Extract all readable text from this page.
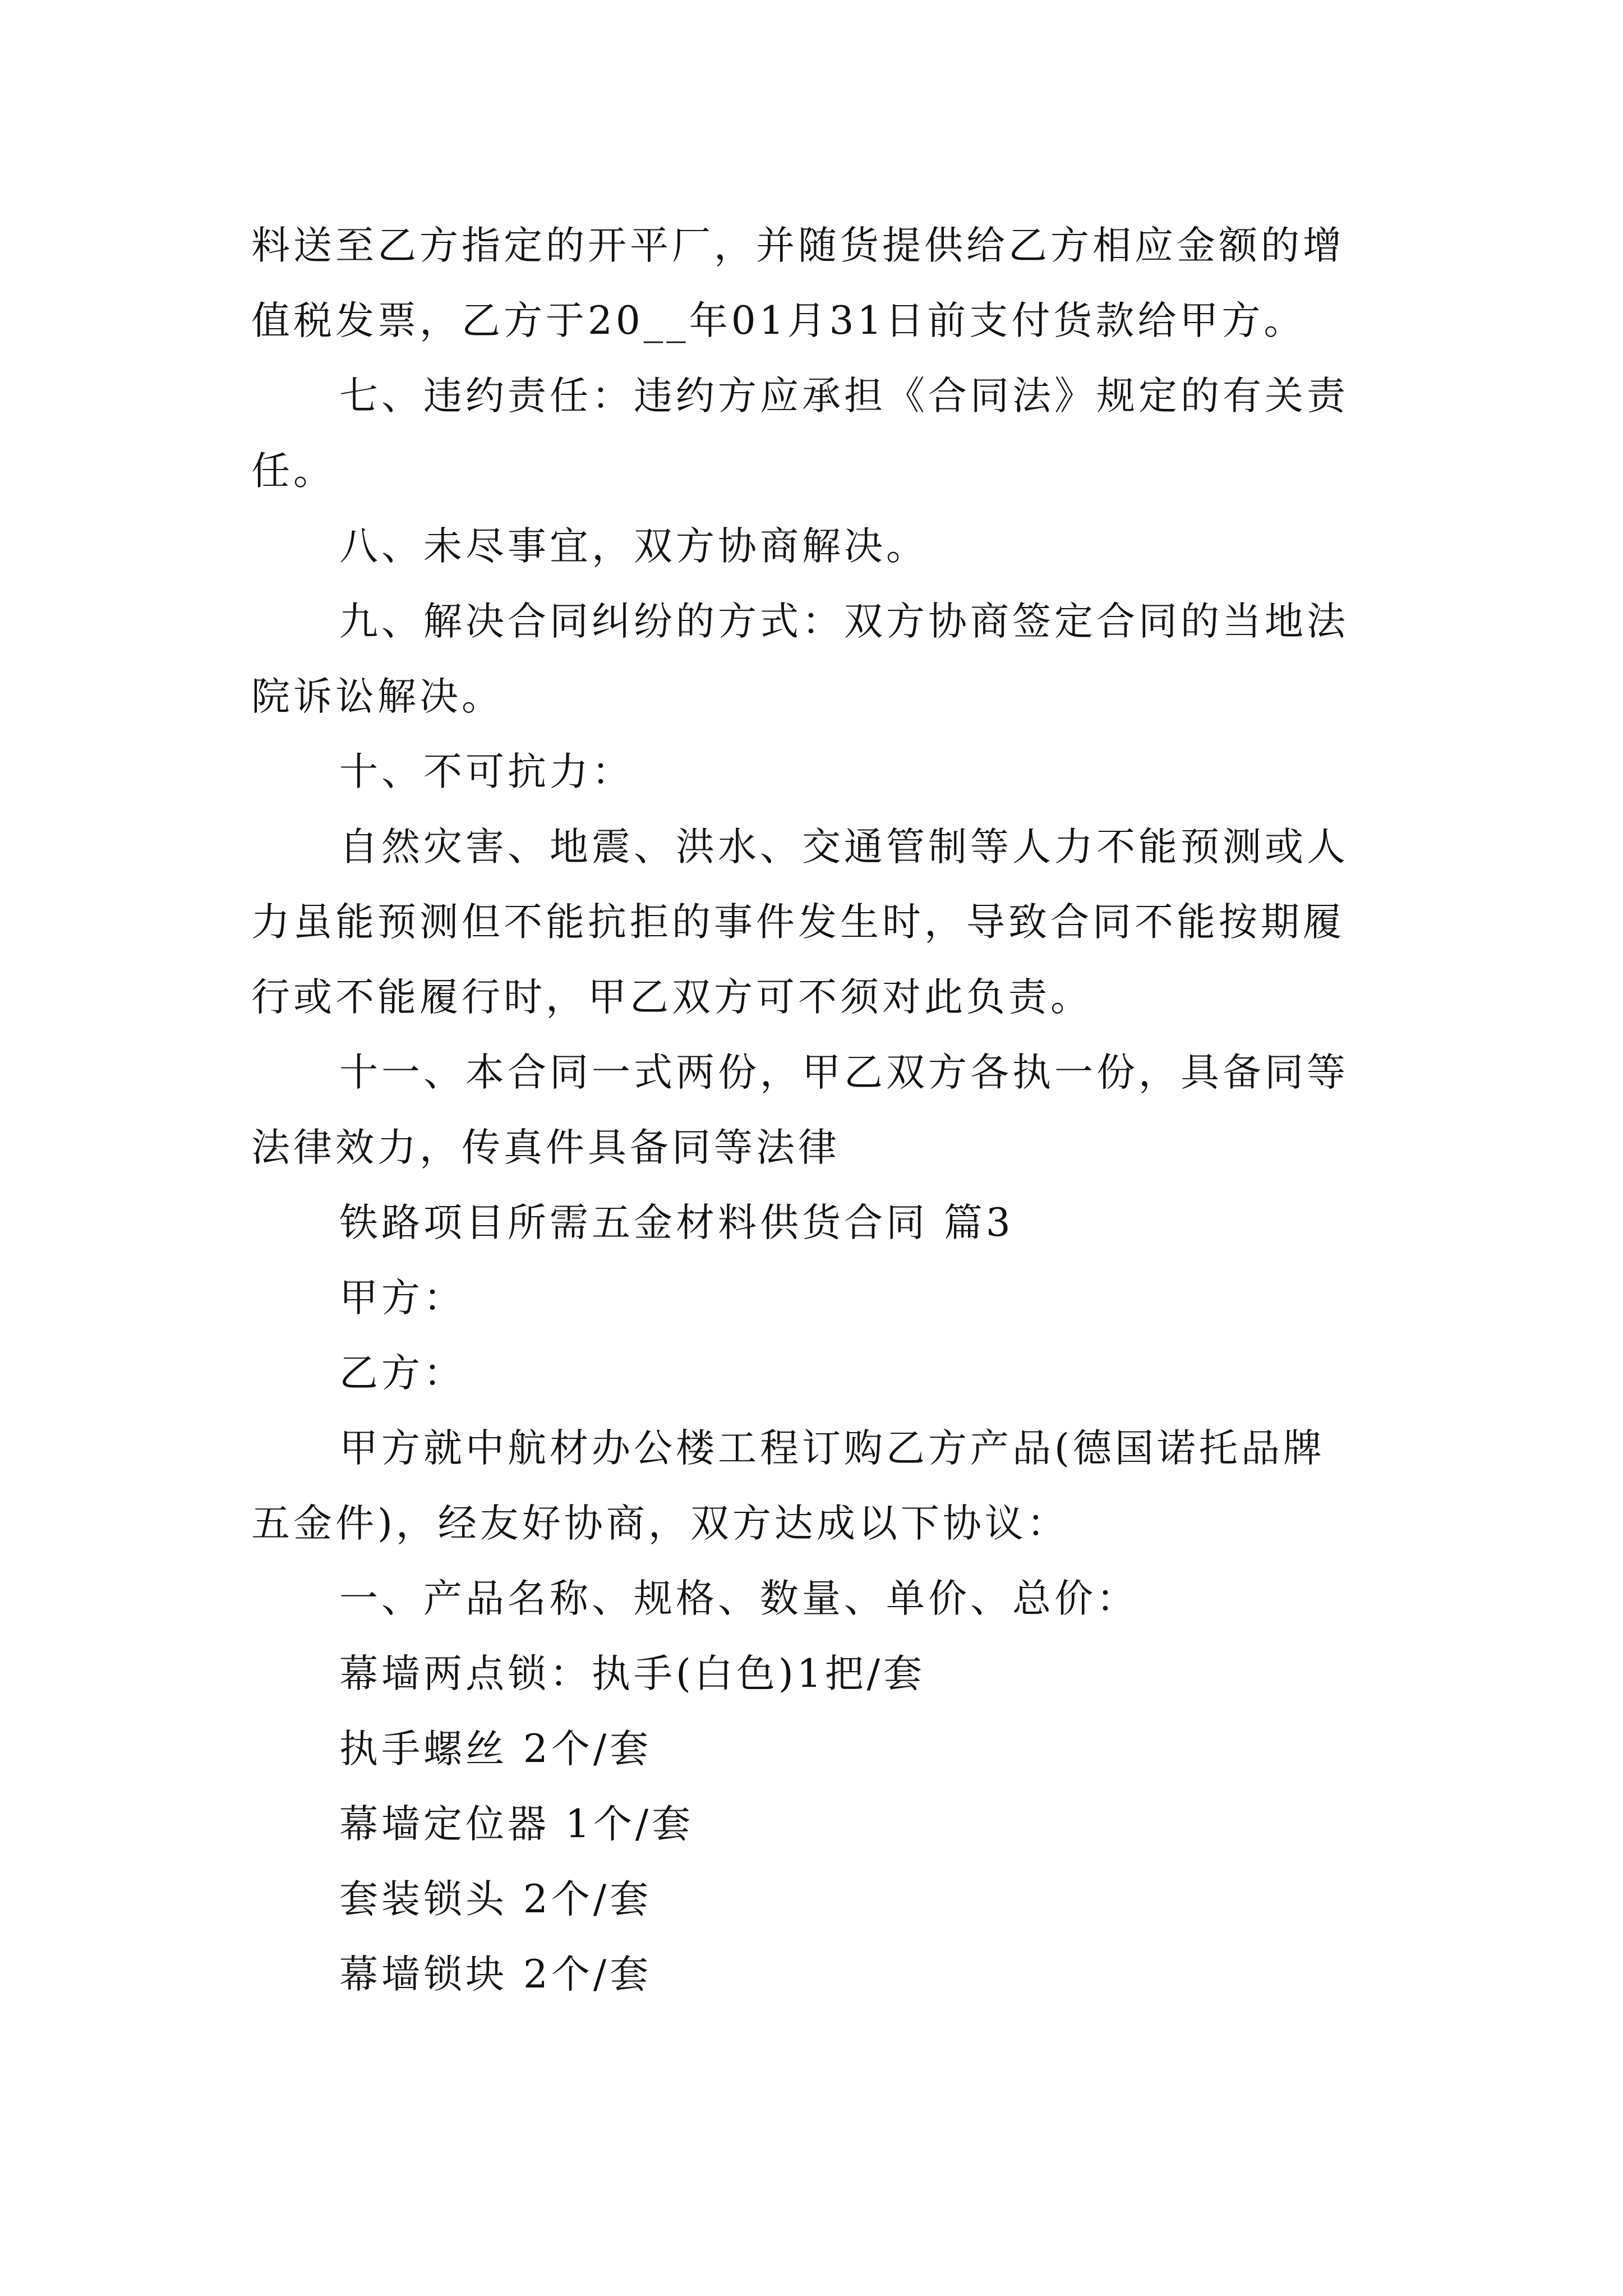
料送至乙方指定的开平厂，并随货提供给乙方相应金额的增
值税发票，乙方于20__年01月31日前支付货款给甲方。
七、违约责任：违约方应承担《合同法》规定的有关责
任。
八、未尽事宜，双方协商解决。
九、解决合同纠纷的方式：双方协商签定合同的当地法
院诉讼解决。
十、不可抗力：
自然灾害、地震、洪水、交通管制等人力不能预测或人
力虽能预测但不能抗拒的事件发生时，导致合同不能按期履
行或不能履行时，甲乙双方可不须对此负责。
十一、本合同一式两份，甲乙双方各执一份，具备同等
法律效力，传真件具备同等法律
铁路项目所需五金材料供货合同 篇3
甲方：
乙方：
甲方就中航材办公楼工程订购乙方产品(德国诺托品牌
五金件)，经友好协商，双方达成以下协议：
一、产品名称、规格、数量、单价、总价：
幕墙两点锁：执手(白色)1把/套
执手螺丝 2个/套
幕墙定位器 1个/套
套装锁头 2个/套
幕墙锁块 2个/套
